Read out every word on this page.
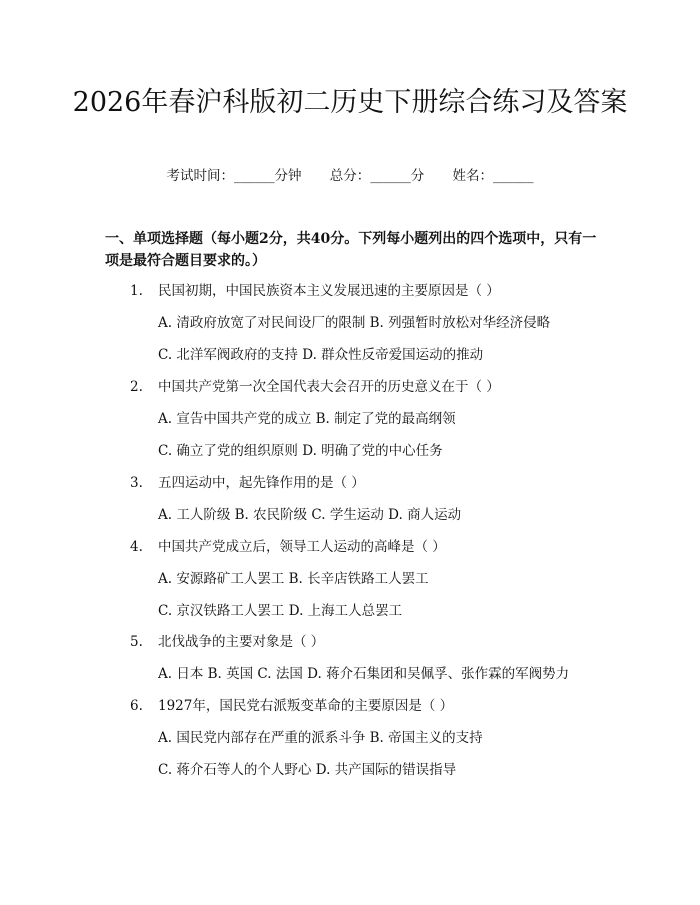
2026年春沪科版初二历史下册综合练习及答案
考试时间：______分钟 总分：______分 姓名：______
一、单项选择题（每小题2分，共40分。下列每小题列出的四个选项中，只有一项是最符合题目要求的。）
1. 民国初期，中国民族资本主义发展迅速的主要原因是（ ）
A. 清政府放宽了对民间设厂的限制 B. 列强暂时放松对华经济侵略
C. 北洋军阀政府的支持 D. 群众性反帝爱国运动的推动
2. 中国共产党第一次全国代表大会召开的历史意义在于（ ）
A. 宣告中国共产党的成立 B. 制定了党的最高纲领
C. 确立了党的组织原则 D. 明确了党的中心任务
3. 五四运动中，起先锋作用的是（ ）
A. 工人阶级 B. 农民阶级 C. 学生运动 D. 商人运动
4. 中国共产党成立后，领导工人运动的高峰是（ ）
A. 安源路矿工人罢工 B. 长辛店铁路工人罢工
C. 京汉铁路工人罢工 D. 上海工人总罢工
5. 北伐战争的主要对象是（ ）
A. 日本 B. 英国 C. 法国 D. 蒋介石集团和吴佩孚、张作霖的军阀势力
6. 1927年，国民党右派叛变革命的主要原因是（ ）
A. 国民党内部存在严重的派系斗争 B. 帝国主义的支持
C. 蒋介石等人的个人野心 D. 共产国际的错误指导
